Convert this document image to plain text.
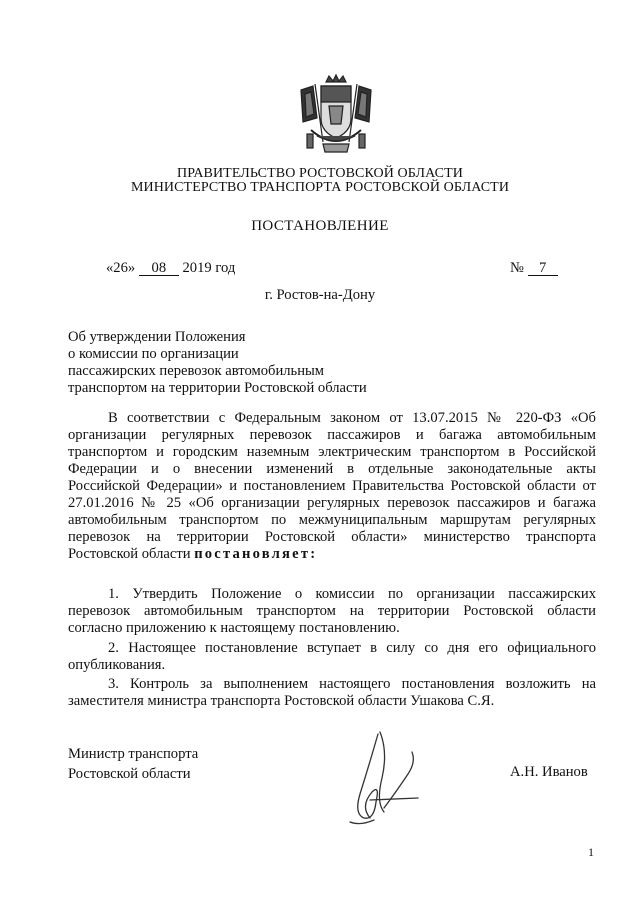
ПРАВИТЕЛЬСТВО РОСТОВСКОЙ ОБЛАСТИ
МИНИСТЕРСТВО ТРАНСПОРТА РОСТОВСКОЙ ОБЛАСТИ
ПОСТАНОВЛЕНИЕ
«26» 08 2019 год	№ 7
г. Ростов-на-Дону
Об утверждении Положения
о комиссии по организации
пассажирских перевозок автомобильным
транспортом на территории Ростовской области
В соответствии с Федеральным законом от 13.07.2015 № 220-ФЗ «Об
организации регулярных перевозок пассажиров и багажа автомобильным
транспортом и городским наземным электрическим транспортом в Российской
Федерации и о внесении изменений в отдельные законодательные акты
Российской Федерации» и постановлением Правительства Ростовской области от
27.01.2016 № 25 «Об организации регулярных перевозок пассажиров и багажа
автомобильным транспортом по межмуниципальным маршрутам регулярных
перевозок на территории Ростовской области» министерство транспорта
Ростовской области постановляет:
1. Утвердить Положение о комиссии по организации пассажирских
перевозок автомобильным транспортом на территории Ростовской области
согласно приложению к настоящему постановлению.
2. Настоящее постановление вступает в силу со дня его официального
опубликования.
3. Контроль за выполнением настоящего постановления возложить на
заместителя министра транспорта Ростовской области Ушакова С.Я.
Министр транспорта
Ростовской области	А.Н. Иванов
1
